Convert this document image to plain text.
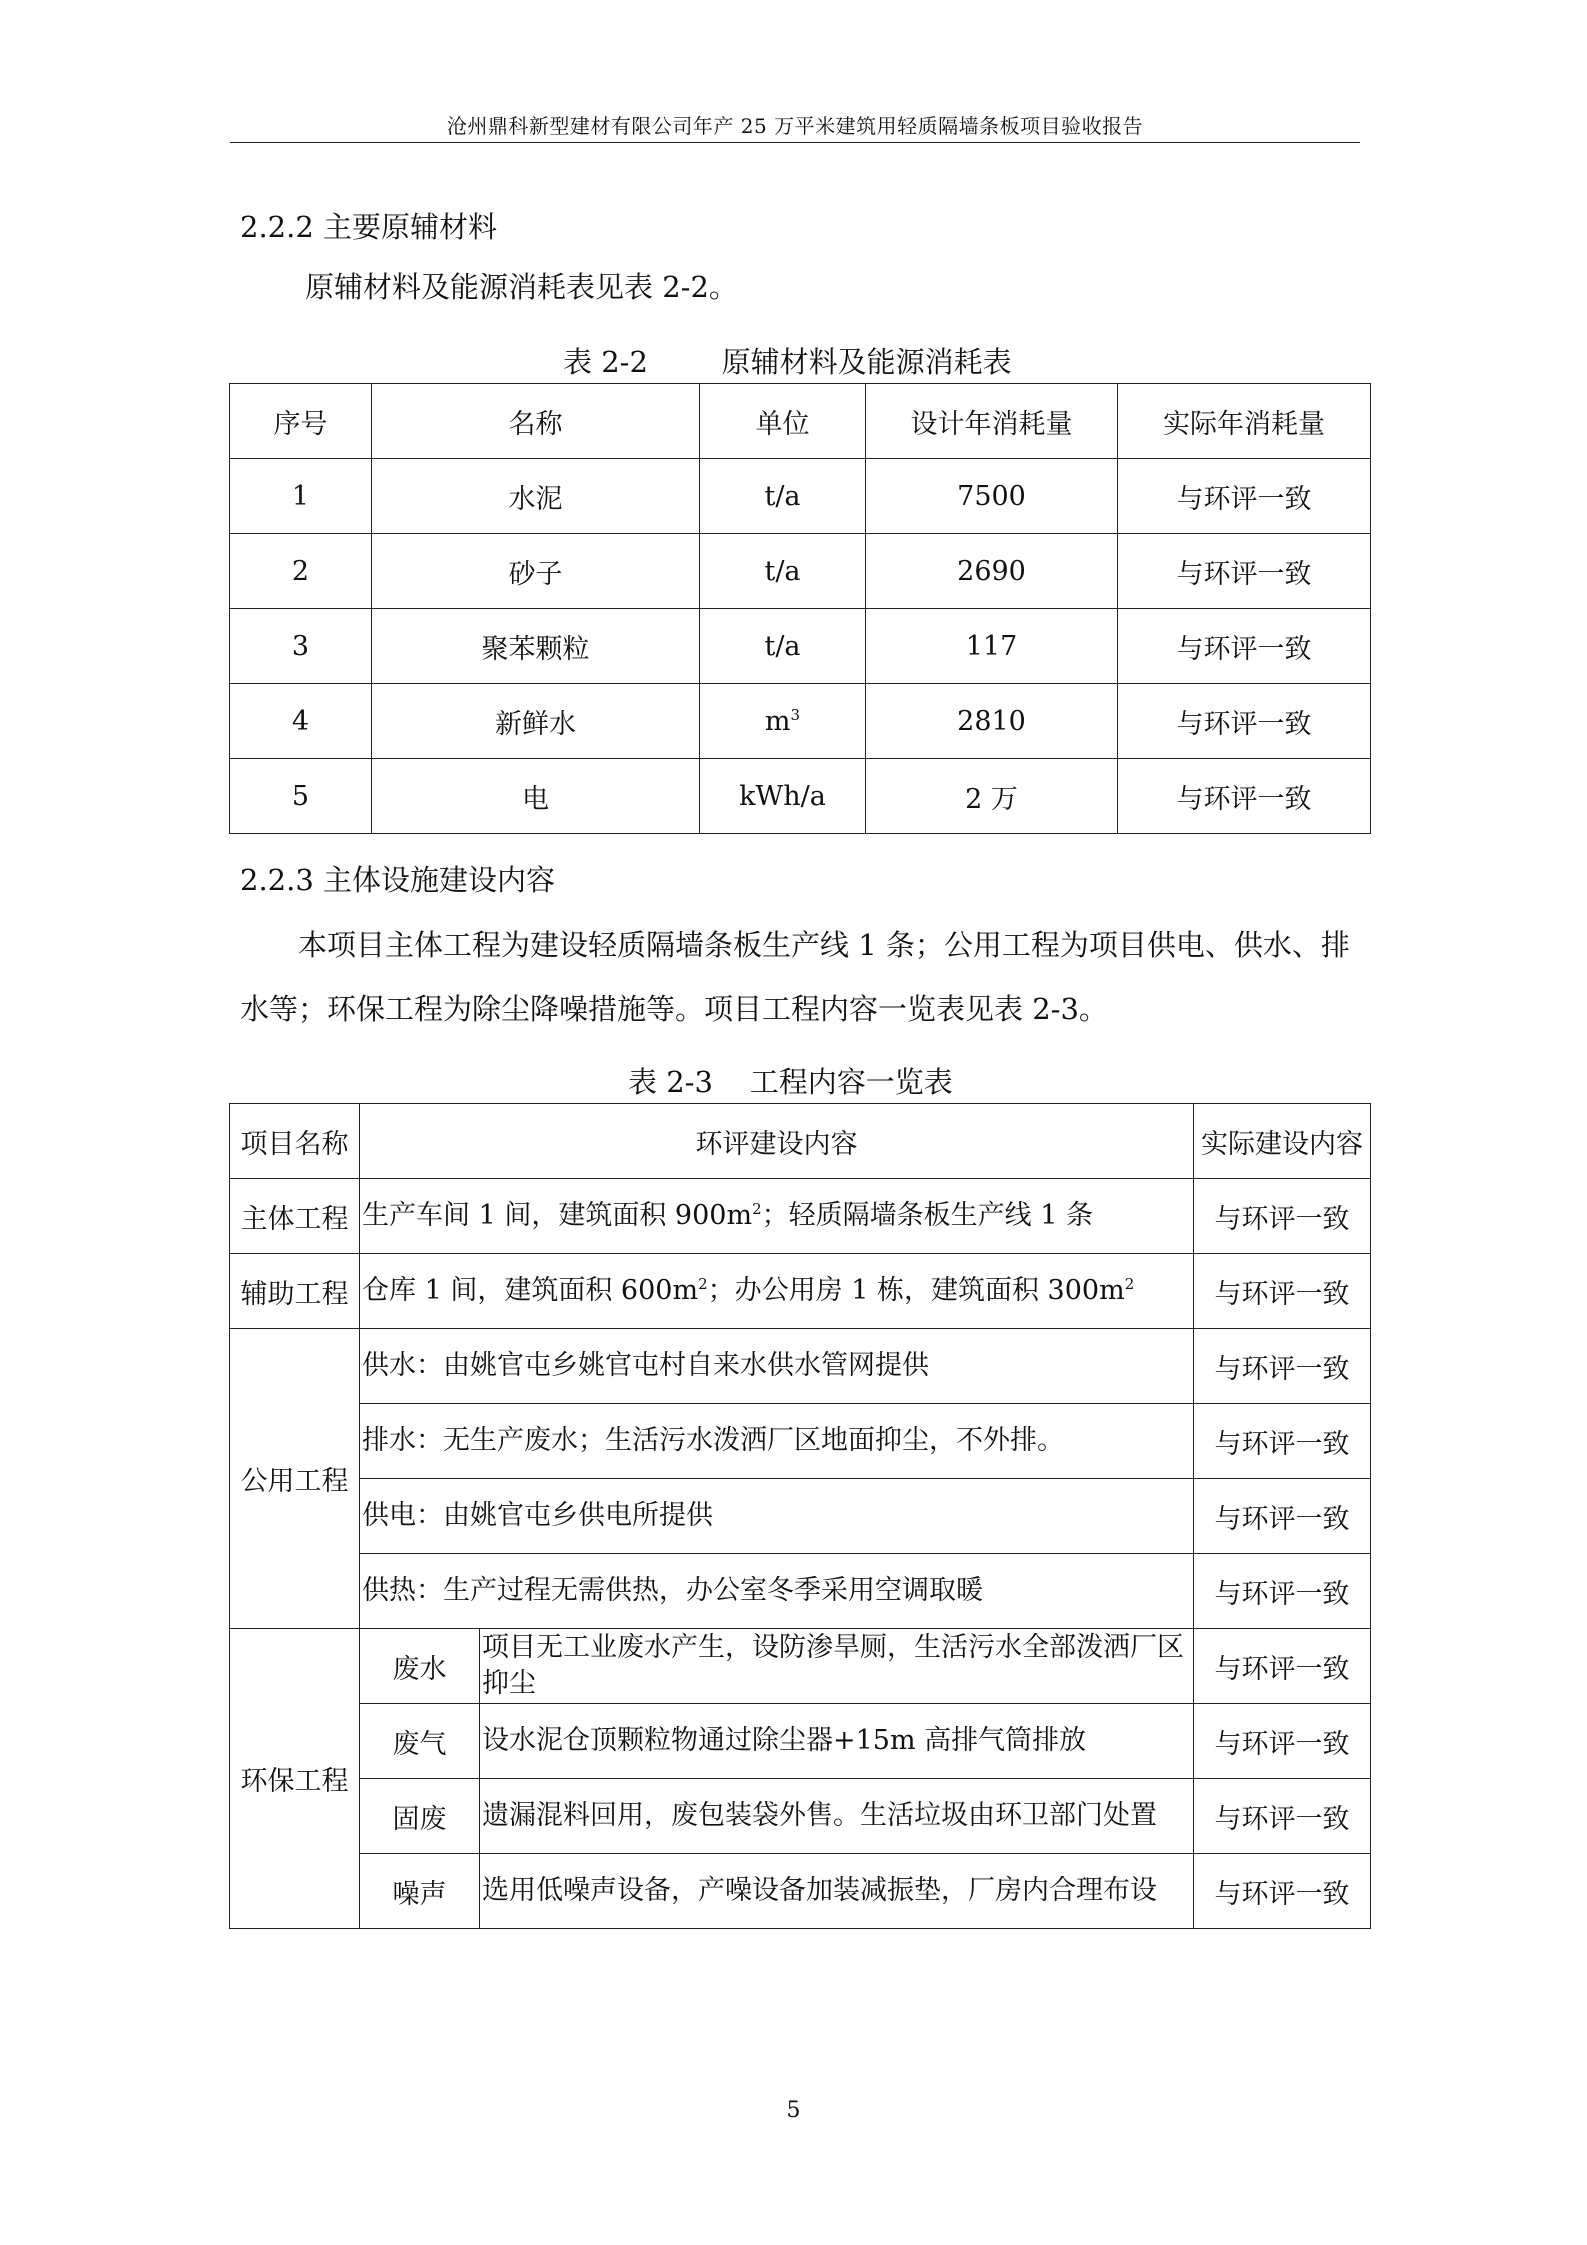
沧州鼎科新型建材有限公司年产 25 万平米建筑用轻质隔墙条板项目验收报告
2.2.2 主要原辅材料
原辅材料及能源消耗表见表 2-2。
表 2-2        原辅材料及能源消耗表
序号	名称	单位	设计年消耗量	实际年消耗量
1	水泥	t/a	7500	与环评一致
2	砂子	t/a	2690	与环评一致
3	聚苯颗粒	t/a	117	与环评一致
4	新鲜水	$m^3$	2810	与环评一致
5	电	kWh/a	2 万	与环评一致
2.2.3 主体设施建设内容
本项目主体工程为建设轻质隔墙条板生产线 1 条；公用工程为项目供电、供水、排水等；环保工程为除尘降噪措施等。项目工程内容一览表见表 2-3。
表 2-3    工程内容一览表
项目名称	环评建设内容		实际建设内容
主体工程	生产车间 1 间，建筑面积 $900m^2$；轻质隔墙条板生产线 1 条		与环评一致
辅助工程	仓库 1 间，建筑面积 $600m^2$；办公用房 1 栋，建筑面积 $300m^2$		与环评一致
公用工程	供水：由姚官屯乡姚官屯村自来水供水管网提供		与环评一致
	排水：无生产废水；生活污水泼洒厂区地面抑尘，不外排。		与环评一致
	供电：由姚官屯乡供电所提供		与环评一致
	供热：生产过程无需供热，办公室冬季采用空调取暖		与环评一致
环保工程	废水	项目无工业废水产生，设防渗旱厕，生活污水全部泼洒厂区抑尘	与环评一致
	废气	设水泥仓顶颗粒物通过除尘器+15m 高排气筒排放	与环评一致
	固废	遗漏混料回用，废包装袋外售。生活垃圾由环卫部门处置	与环评一致
	噪声	选用低噪声设备，产噪设备加装减振垫，厂房内合理布设	与环评一致
5
